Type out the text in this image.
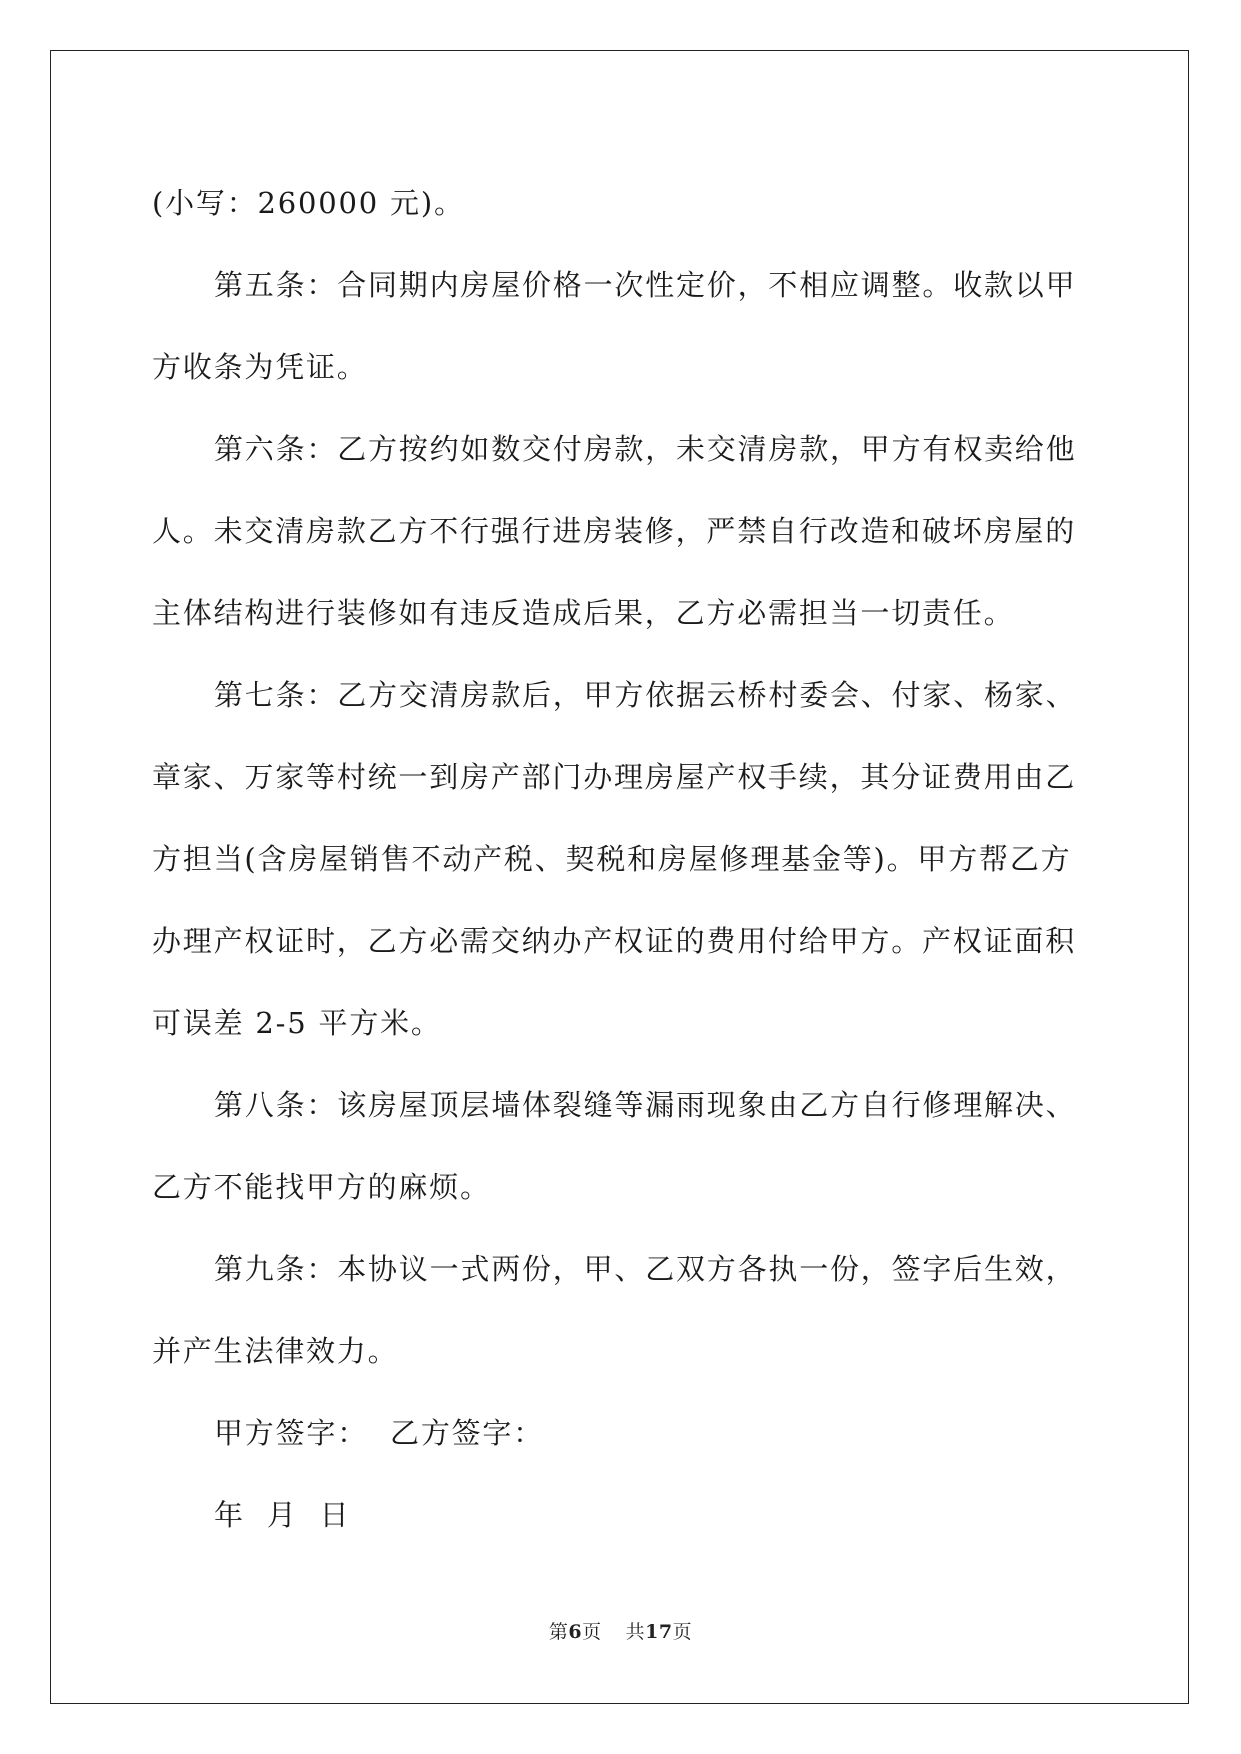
(小写：260000 元)。

第五条：合同期内房屋价格一次性定价，不相应调整。收款以甲
方收条为凭证。

第六条：乙方按约如数交付房款，未交清房款，甲方有权卖给他
人。未交清房款乙方不行强行进房装修，严禁自行改造和破坏房屋的
主体结构进行装修如有违反造成后果，乙方必需担当一切责任。

第七条：乙方交清房款后，甲方依据云桥村委会、付家、杨家、
章家、万家等村统一到房产部门办理房屋产权手续，其分证费用由乙
方担当(含房屋销售不动产税、契税和房屋修理基金等)。甲方帮乙方
办理产权证时，乙方必需交纳办产权证的费用付给甲方。产权证面积
可误差 2-5 平方米。

第八条：该房屋顶层墙体裂缝等漏雨现象由乙方自行修理解决、
乙方不能找甲方的麻烦。

第九条：本协议一式两份，甲、乙双方各执一份，签字后生效，
并产生法律效力。

甲方签字：  乙方签字：

年  月  日

第6页 共17页
